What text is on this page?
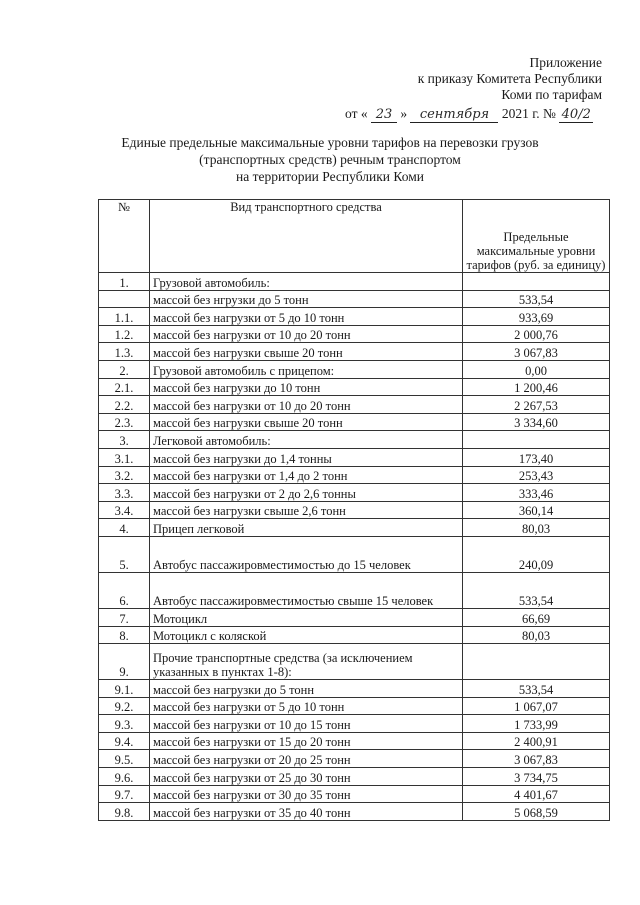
Приложение
к приказу Комитета Республики
Коми по тарифам
от « 23 » сентября 2021 г. № 40/2
Единые предельные максимальные уровни тарифов на перевозки грузов
(транспортных средств) речным транспортом
на территории Республики Коми
№	Вид транспортного средства	Предельные максимальные уровни тарифов (руб. за единицу)
1.	Грузовой автомобиль:	
	массой без нгрузки до 5 тонн	533,54
1.1.	массой без нагрузки от 5 до 10 тонн	933,69
1.2.	массой без нагрузки от 10 до 20 тонн	2 000,76
1.3.	массой без нагрузки свыше 20 тонн	3 067,83
2.	Грузовой автомобиль с прицепом:	0,00
2.1.	массой без нагрузки до 10 тонн	1 200,46
2.2.	массой без нагрузки от 10 до 20 тонн	2 267,53
2.3.	массой без нагрузки свыше 20 тонн	3 334,60
3.	Легковой автомобиль:	
3.1.	массой без нагрузки до 1,4 тонны	173,40
3.2.	массой без нагрузки от 1,4 до 2 тонн	253,43
3.3.	массой без нагрузки от 2 до 2,6 тонны	333,46
3.4.	массой без нагрузки свыше 2,6 тонн	360,14
4.	Прицеп легковой	80,03
5.	Автобус пассажировместимостью до 15 человек	240,09
6.	Автобус пассажировместимостью свыше 15 человек	533,54
7.	Мотоцикл	66,69
8.	Мотоцикл с коляской	80,03
9.	Прочие транспортные средства (за исключением указанных в пунктах 1-8):	
9.1.	массой без нагрузки до 5 тонн	533,54
9.2.	массой без нагрузки от 5 до 10 тонн	1 067,07
9.3.	массой без нагрузки от 10 до 15 тонн	1 733,99
9.4.	массой без нагрузки от 15 до 20 тонн	2 400,91
9.5.	массой без нагрузки от 20 до 25 тонн	3 067,83
9.6.	массой без нагрузки от 25 до 30 тонн	3 734,75
9.7.	массой без нагрузки от 30 до 35 тонн	4 401,67
9.8.	массой без нагрузки от 35 до 40 тонн	5 068,59
